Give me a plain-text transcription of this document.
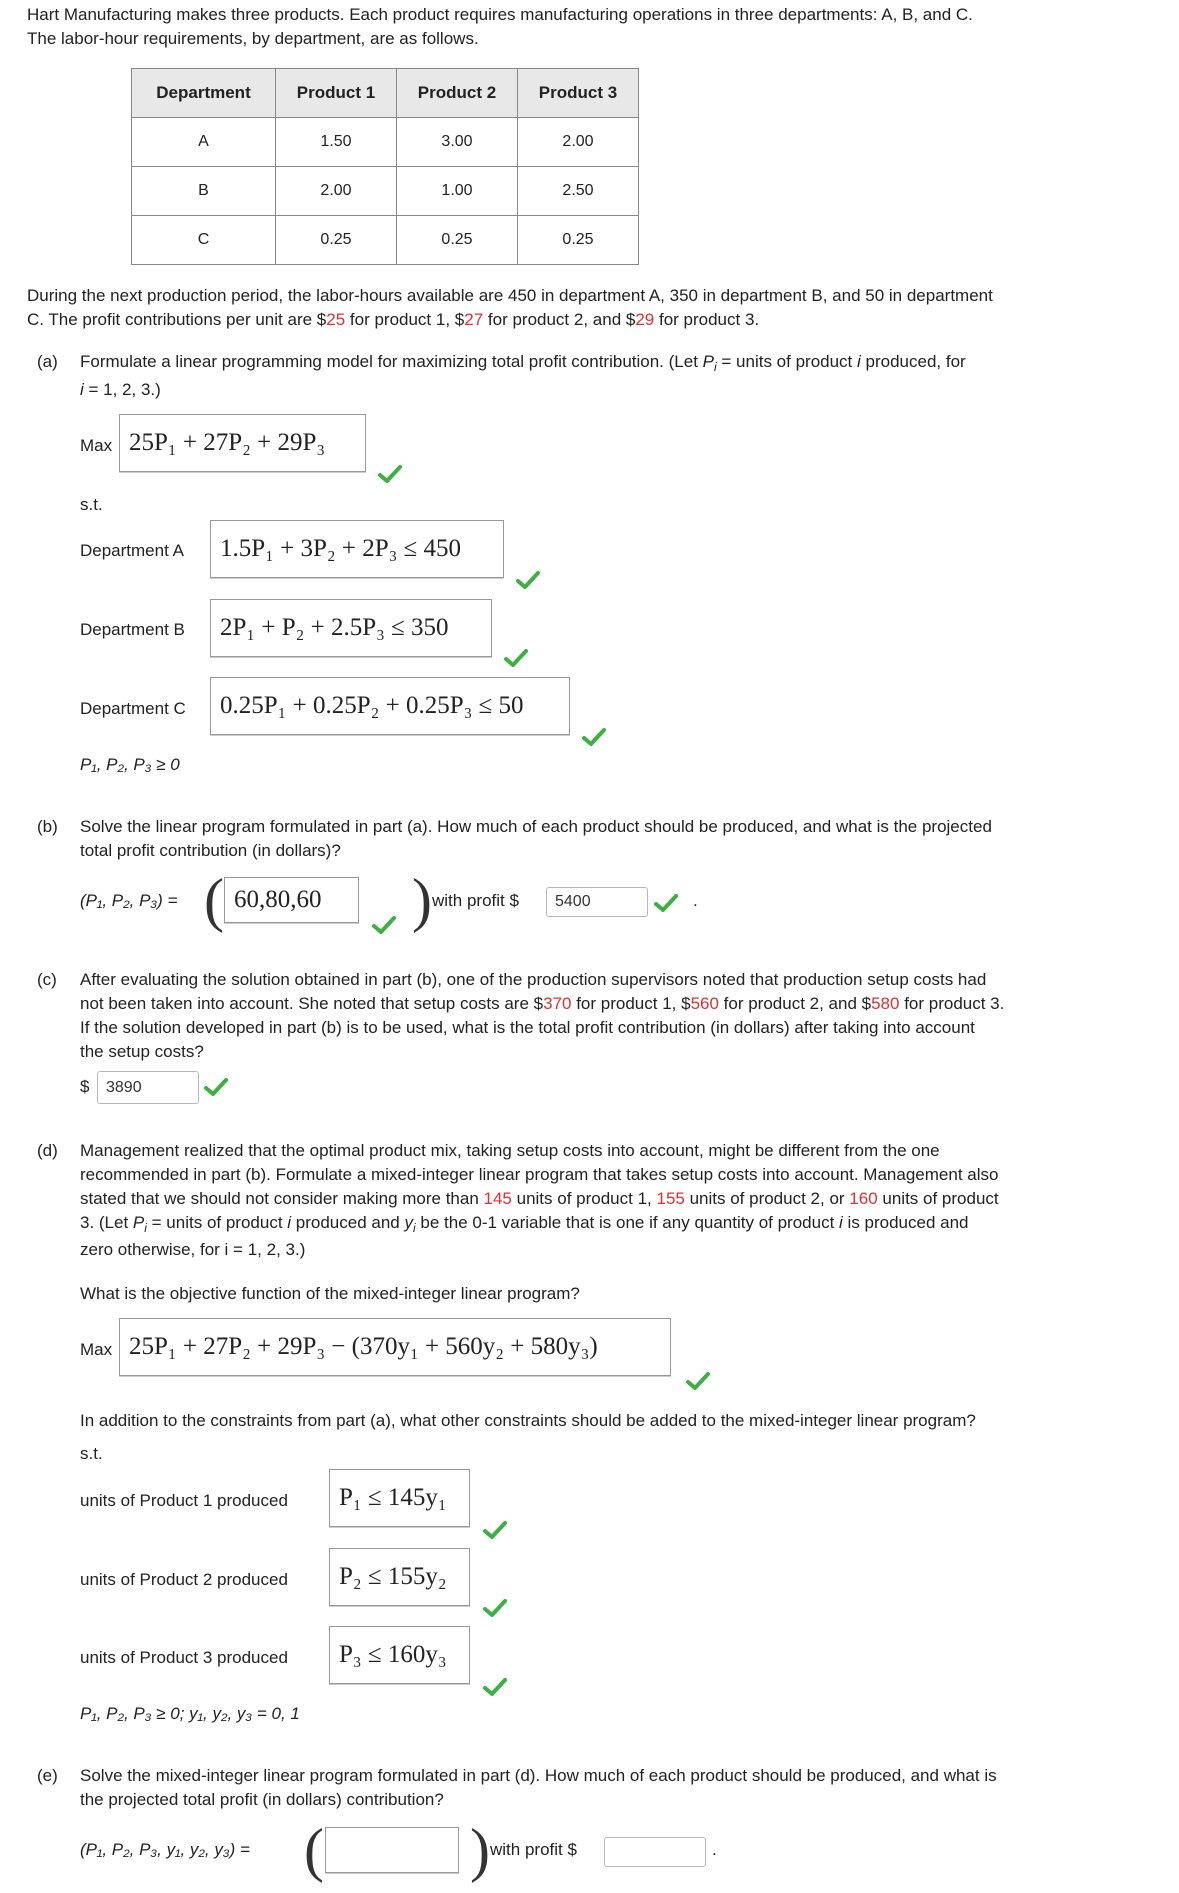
Hart Manufacturing makes three products. Each product requires manufacturing operations in three departments: A, B, and C.
The labor-hour requirements, by department, are as follows.
Department	Product 1	Product 2	Product 3
A	1.50	3.00	2.00
B	2.00	1.00	2.50
C	0.25	0.25	0.25
During the next production period, the labor-hours available are 450 in department A, 350 in department B, and 50 in department
C. The profit contributions per unit are $25 for product 1, $27 for product 2, and $29 for product 3.
(a) Formulate a linear programming model for maximizing total profit contribution. (Let $P_i$ = units of product i produced, for
i = 1, 2, 3.)
Max 25P₁ + 27P₂ + 29P₃
s.t.
Department A 1.5P₁ + 3P₂ + 2P₃ ≤ 450
Department B 2P₁ + P₂ + 2.5P₃ ≤ 350
Department C 0.25P₁ + 0.25P₂ + 0.25P₃ ≤ 50
P₁, P₂, P₃ ≥ 0
(b) Solve the linear program formulated in part (a). How much of each product should be produced, and what is the projected
total profit contribution (in dollars)?
(P₁, P₂, P₃) = ( 60,80,60 ) with profit $	5400	.
(c) After evaluating the solution obtained in part (b), one of the production supervisors noted that production setup costs had
not been taken into account. She noted that setup costs are $370 for product 1, $560 for product 2, and $580 for product 3.
If the solution developed in part (b) is to be used, what is the total profit contribution (in dollars) after taking into account
the setup costs?
$	3890
(d) Management realized that the optimal product mix, taking setup costs into account, might be different from the one
recommended in part (b). Formulate a mixed-integer linear program that takes setup costs into account. Management also
stated that we should not consider making more than 145 units of product 1, 155 units of product 2, or 160 units of product
3. (Let $P_i$ = units of product i produced and $y_i$ be the 0-1 variable that is one if any quantity of product i is produced and
zero otherwise, for i = 1, 2, 3.)
What is the objective function of the mixed-integer linear program?
Max 25P₁ + 27P₂ + 29P₃ − (370y₁ + 560y₂ + 580y₃)
In addition to the constraints from part (a), what other constraints should be added to the mixed-integer linear program?
s.t.
units of Product 1 produced P₁ ≤ 145y₁
units of Product 2 produced P₂ ≤ 155y₂
units of Product 3 produced P₃ ≤ 160y₃
P₁, P₂, P₃ ≥ 0; y₁, y₂, y₃ = 0, 1
(e) Solve the mixed-integer linear program formulated in part (d). How much of each product should be produced, and what is
the projected total profit (in dollars) contribution?
(P₁, P₂, P₃, y₁, y₂, y₃) = ( ) with profit $	.
